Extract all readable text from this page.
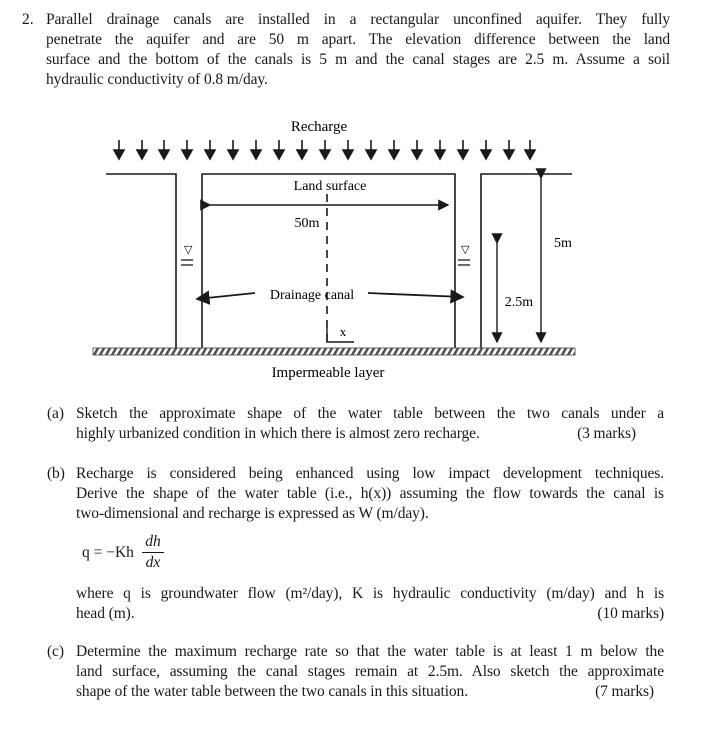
2. Parallel drainage canals are installed in a rectangular unconfined aquifer. They fully
penetrate the aquifer and are 50 m apart. The elevation difference between the land
surface and the bottom of the canals is 5 m and the canal stages are 2.5 m. Assume a soil
hydraulic conductivity of 0.8 m/day.
Recharge
Land surface
50m
Drainage canal
x
▽	▽
2.5m
5m
Impermeable layer
(a) Sketch the approximate shape of the water table between the two canals under a
highly urbanized condition in which there is almost zero recharge.	(3 marks)
(b) Recharge is considered being enhanced using low impact development techniques.
Derive the shape of the water table (i.e., h(x)) assuming the flow towards the canal is
two-dimensional and recharge is expressed as W (m/day).
q = −Kh
dh
dx
where q is groundwater flow (m²/day), K is hydraulic conductivity (m/day) and h is
head (m).	(10 marks)
(c) Determine the maximum recharge rate so that the water table is at least 1 m below the
land surface, assuming the canal stages remain at 2.5m. Also sketch the approximate
shape of the water table between the two canals in this situation.	(7 marks)
